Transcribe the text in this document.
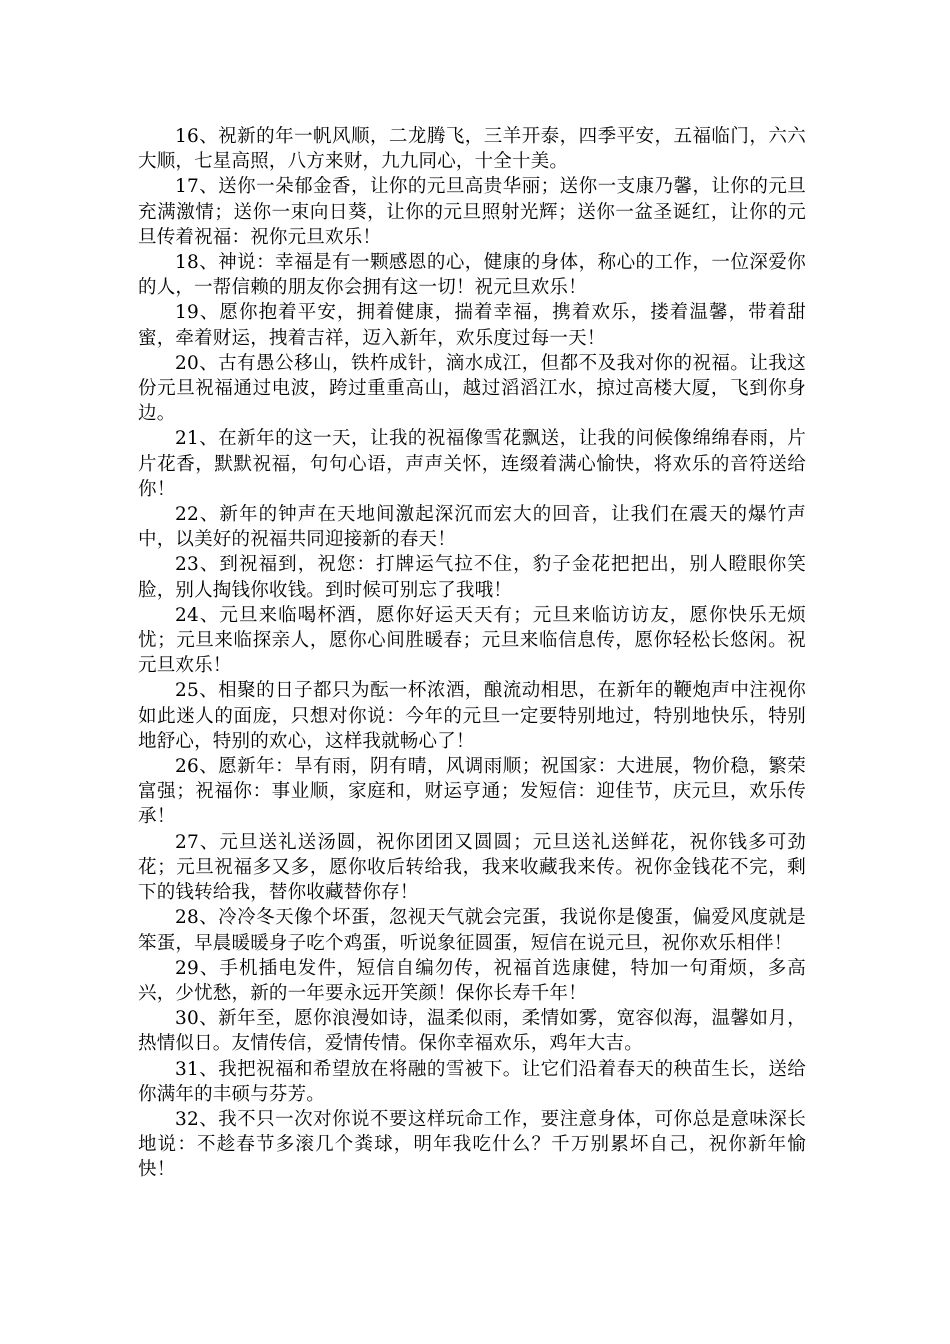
16、祝新的年一帆风顺，二龙腾飞，三羊开泰，四季平安，五福临门，六六大顺，七星高照，八方来财，九九同心，十全十美。

17、送你一朵郁金香，让你的元旦高贵华丽；送你一支康乃馨，让你的元旦充满激情；送你一束向日葵，让你的元旦照射光辉；送你一盆圣诞红，让你的元旦传着祝福：祝你元旦欢乐！

18、神说：幸福是有一颗感恩的心，健康的身体，称心的工作，一位深爱你的人，一帮信赖的朋友你会拥有这一切！祝元旦欢乐！

19、愿你抱着平安，拥着健康，揣着幸福，携着欢乐，搂着温馨，带着甜蜜，牵着财运，拽着吉祥，迈入新年，欢乐度过每一天！

20、古有愚公移山，铁杵成针，滴水成江，但都不及我对你的祝福。让我这份元旦祝福通过电波，跨过重重高山，越过滔滔江水，掠过高楼大厦，飞到你身边。

21、在新年的这一天，让我的祝福像雪花飘送，让我的问候像绵绵春雨，片片花香，默默祝福，句句心语，声声关怀，连缀着满心愉快，将欢乐的音符送给你！

22、新年的钟声在天地间激起深沉而宏大的回音，让我们在震天的爆竹声中，以美好的祝福共同迎接新的春天！

23、到祝福到，祝您：打牌运气拉不住，豹子金花把把出，别人瞪眼你笑脸，别人掏钱你收钱。到时候可别忘了我哦！

24、元旦来临喝杯酒，愿你好运天天有；元旦来临访访友，愿你快乐无烦忧；元旦来临探亲人，愿你心间胜暖春；元旦来临信息传，愿你轻松长悠闲。祝元旦欢乐！

25、相聚的日子都只为酝一杯浓酒，酿流动相思，在新年的鞭炮声中注视你如此迷人的面庞，只想对你说：今年的元旦一定要特别地过，特别地快乐，特别地舒心，特别的欢心，这样我就畅心了！

26、愿新年：旱有雨，阴有晴，风调雨顺；祝国家：大进展，物价稳，繁荣富强；祝福你：事业顺，家庭和，财运亨通；发短信：迎佳节，庆元旦，欢乐传承！

27、元旦送礼送汤圆，祝你团团又圆圆；元旦送礼送鲜花，祝你钱多可劲花；元旦祝福多又多，愿你收后转给我，我来收藏我来传。祝你金钱花不完，剩下的钱转给我，替你收藏替你存！

28、冷冷冬天像个坏蛋，忽视天气就会完蛋，我说你是傻蛋，偏爱风度就是笨蛋，早晨暖暖身子吃个鸡蛋，听说象征圆蛋，短信在说元旦，祝你欢乐相伴！

29、手机插电发件，短信自编勿传，祝福首选康健，特加一句甭烦，多高兴，少忧愁，新的一年要永远开笑颜！保你长寿千年！

30、新年至，愿你浪漫如诗，温柔似雨，柔情如雾，宽容似海，温馨如月，热情似日。友情传信，爱情传情。保你幸福欢乐，鸡年大吉。

31、我把祝福和希望放在将融的雪被下。让它们沿着春天的秧苗生长，送给你满年的丰硕与芬芳。

32、我不只一次对你说不要这样玩命工作，要注意身体，可你总是意味深长地说：不趁春节多滚几个粪球，明年我吃什么？千万别累坏自己，祝你新年愉快！
